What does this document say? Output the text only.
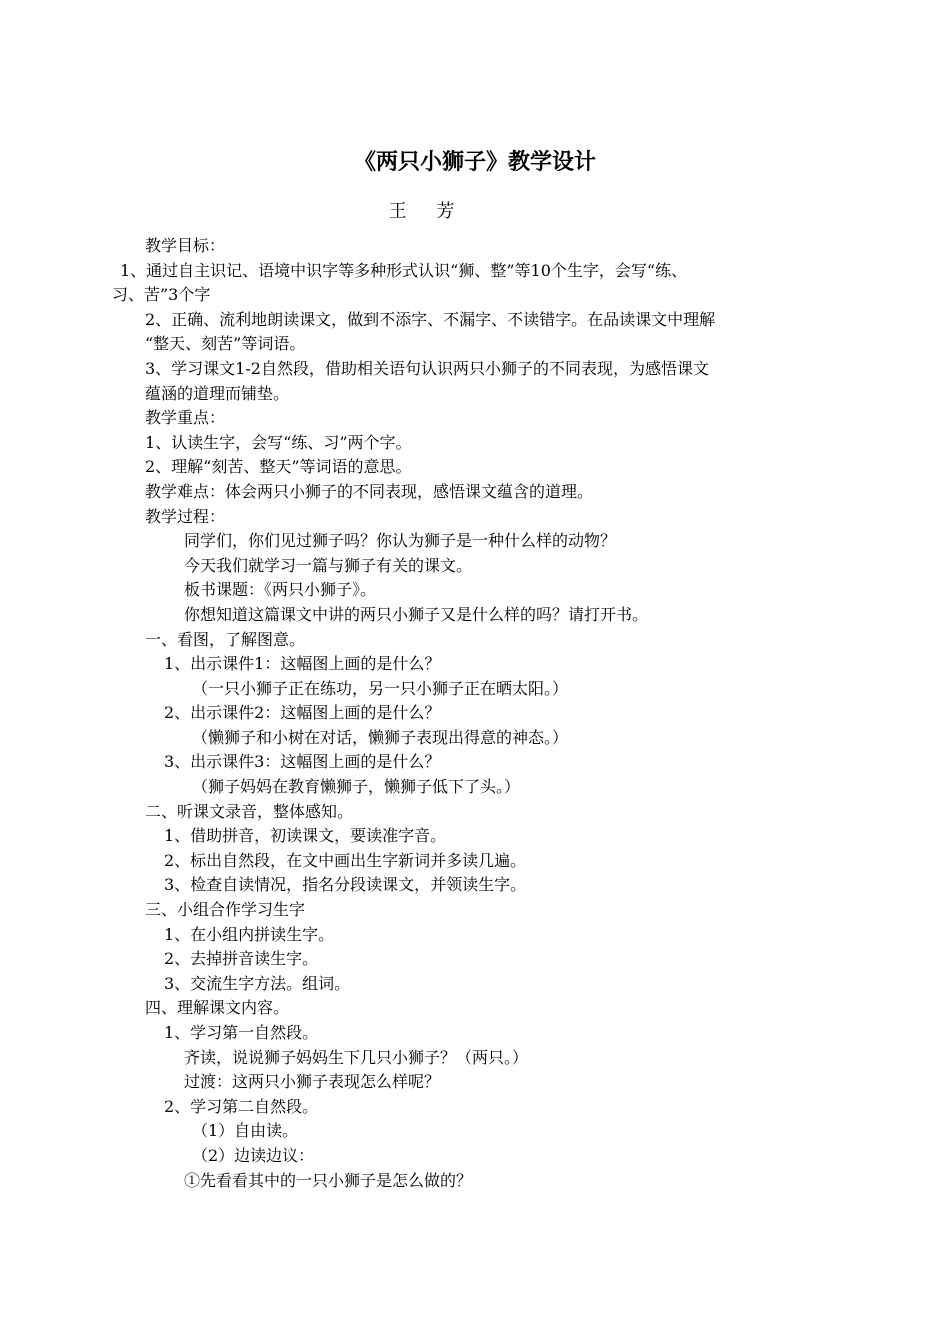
《两只小狮子》教学设计
王 芳
教学目标：
1、通过自主识记、语境中识字等多种形式认识“狮、整”等10个生字，会写“练、
习、苦”3个字
2、正确、流利地朗读课文，做到不添字、不漏字、不读错字。在品读课文中理解
“整天、刻苦”等词语。
3、学习课文1-2自然段，借助相关语句认识两只小狮子的不同表现，为感悟课文
蕴涵的道理而铺垫。
教学重点：
1、认读生字，会写“练、习”两个字。
2、理解“刻苦、整天”等词语的意思。
教学难点：体会两只小狮子的不同表现，感悟课文蕴含的道理。
教学过程：
同学们，你们见过狮子吗？你认为狮子是一种什么样的动物？
今天我们就学习一篇与狮子有关的课文。
板书课题：《两只小狮子》。
你想知道这篇课文中讲的两只小狮子又是什么样的吗？请打开书。
一、看图，了解图意。
1、出示课件1：这幅图上画的是什么？
（一只小狮子正在练功，另一只小狮子正在晒太阳。）
2、出示课件2：这幅图上画的是什么？
（懒狮子和小树在对话，懒狮子表现出得意的神态。）
3、出示课件3：这幅图上画的是什么？
（狮子妈妈在教育懒狮子，懒狮子低下了头。）
二、听课文录音，整体感知。
1、借助拼音，初读课文，要读准字音。
2、标出自然段，在文中画出生字新词并多读几遍。
3、检查自读情况，指名分段读课文，并领读生字。
三、小组合作学习生字
1、在小组内拼读生字。
2、去掉拼音读生字。
3、交流生字方法。组词。
四、理解课文内容。
1、学习第一自然段。
齐读，说说狮子妈妈生下几只小狮子？（两只。）
过渡：这两只小狮子表现怎么样呢？
2、学习第二自然段。
（1）自由读。
（2）边读边议：
①先看看其中的一只小狮子是怎么做的？
